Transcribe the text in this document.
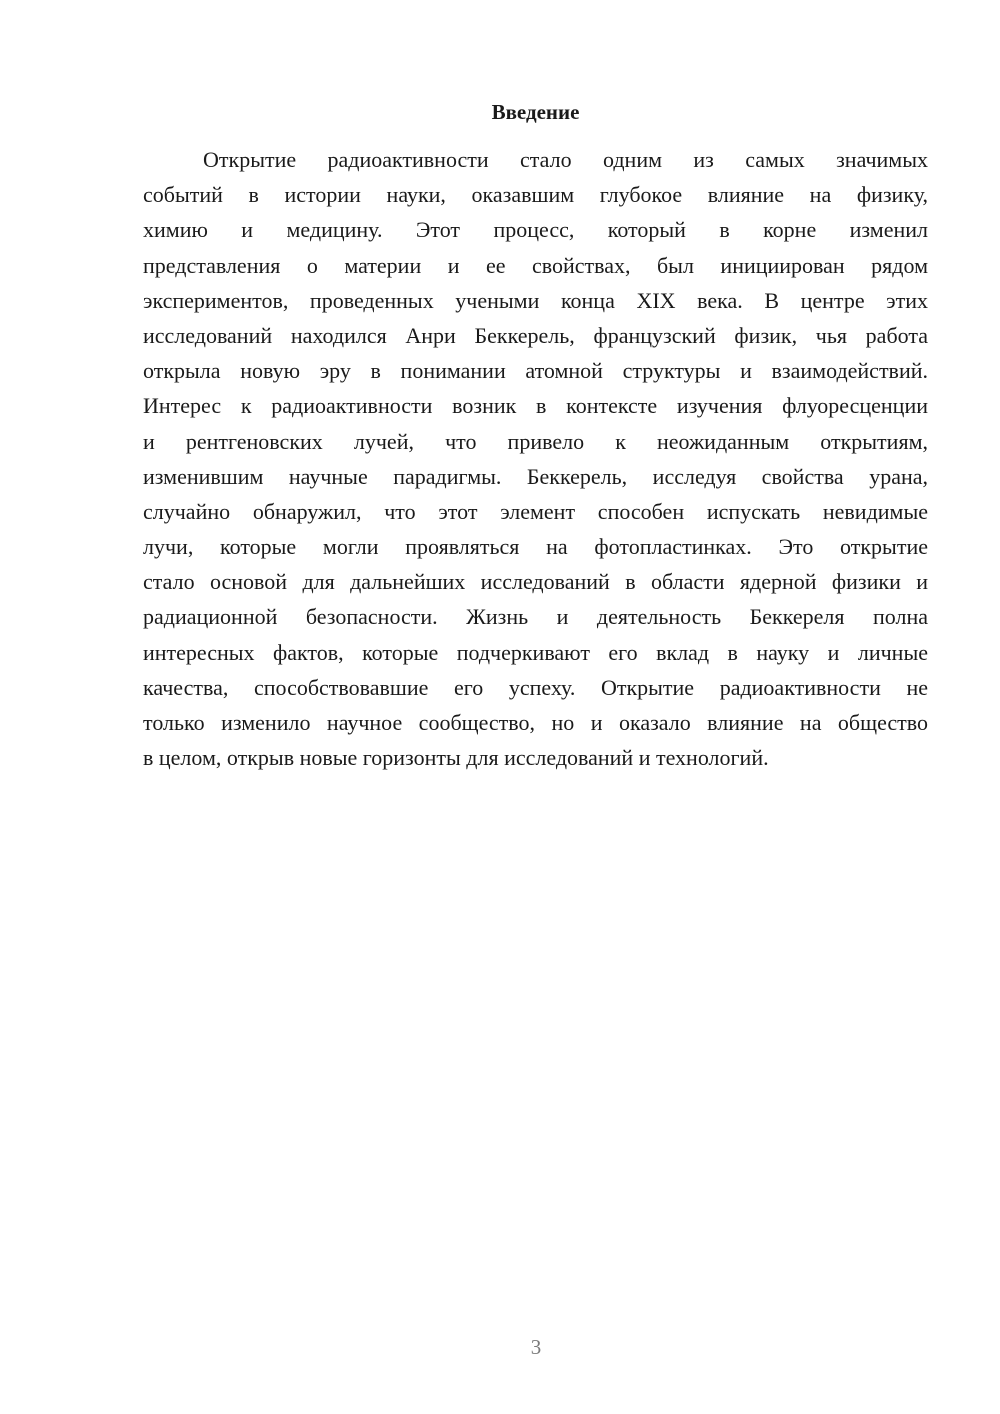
Введение
Открытие радиоактивности стало одним из самых значимых
событий в истории науки, оказавшим глубокое влияние на физику,
химию и медицину. Этот процесс, который в корне изменил
представления о материи и ее свойствах, был инициирован рядом
экспериментов, проведенных учеными конца XIX века. В центре этих
исследований находился Анри Беккерель, французский физик, чья работа
открыла новую эру в понимании атомной структуры и взаимодействий.
Интерес к радиоактивности возник в контексте изучения флуоресценции
и рентгеновских лучей, что привело к неожиданным открытиям,
изменившим научные парадигмы. Беккерель, исследуя свойства урана,
случайно обнаружил, что этот элемент способен испускать невидимые
лучи, которые могли проявляться на фотопластинках. Это открытие
стало основой для дальнейших исследований в области ядерной физики и
радиационной безопасности. Жизнь и деятельность Беккереля полна
интересных фактов, которые подчеркивают его вклад в науку и личные
качества, способствовавшие его успеху. Открытие радиоактивности не
только изменило научное сообщество, но и оказало влияние на общество
в целом, открыв новые горизонты для исследований и технологий.
3
